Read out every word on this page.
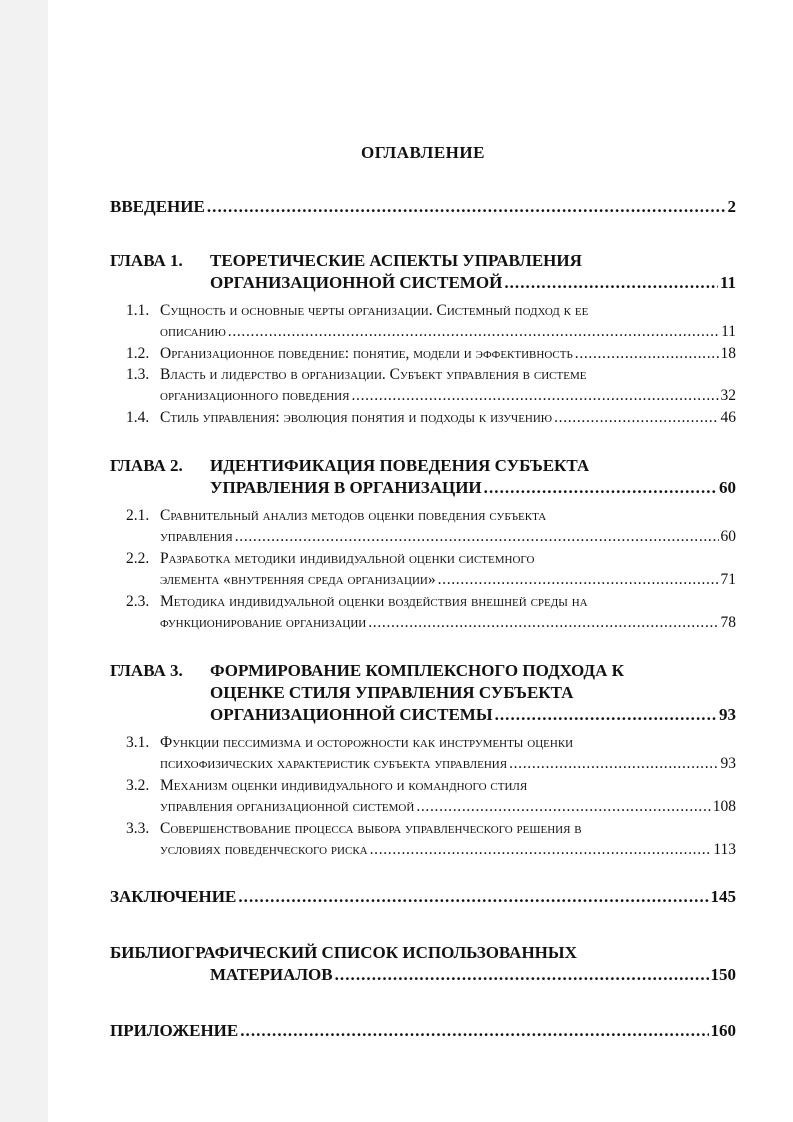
ОГЛАВЛЕНИЕ
ВВЕДЕНИЕ . . .	2
ГЛАВА 1. ТЕОРЕТИЧЕСКИЕ АСПЕКТЫ УПРАВЛЕНИЯ
ОРГАНИЗАЦИОННОЙ СИСТЕМОЙ . . .	11
1.1. Сущность и основные черты организации. Системный подход к ее
описанию . . .	11
1.2. Организационное поведение: понятие, модели и эффективность . . .	18
1.3. Власть и лидерство в организации. Субъект управления в системе
организационного поведения . . .	32
1.4. Стиль управления: эволюция понятия и подходы к изучению . . .	46
ГЛАВА 2. ИДЕНТИФИКАЦИЯ ПОВЕДЕНИЯ СУБЪЕКТА
УПРАВЛЕНИЯ В ОРГАНИЗАЦИИ . . .	60
2.1. Сравнительный анализ методов оценки поведения субъекта
управления . . .	60
2.2. Разработка методики индивидуальной оценки системного
элемента «внутренняя среда организации» . . .	71
2.3. Методика индивидуальной оценки воздействия внешней среды на
функционирование организации . . .	78
ГЛАВА 3. ФОРМИРОВАНИЕ КОМПЛЕКСНОГО ПОДХОДА К
ОЦЕНКЕ СТИЛЯ УПРАВЛЕНИЯ СУБЪЕКТА
ОРГАНИЗАЦИОННОЙ СИСТЕМЫ . . .	93
3.1. Функции пессимизма и осторожности как инструменты оценки
психофизических характеристик субъекта управления . . .	93
3.2. Механизм оценки индивидуального и командного стиля
управления организационной системой . . .	108
3.3. Совершенствование процесса выбора управленческого решения в
условиях поведенческого риска . . .	113
ЗАКЛЮЧЕНИЕ . . .	145
БИБЛИОГРАФИЧЕСКИЙ СПИСОК ИСПОЛЬЗОВАННЫХ
МАТЕРИАЛОВ . . .	150
ПРИЛОЖЕНИЕ . . .	160
